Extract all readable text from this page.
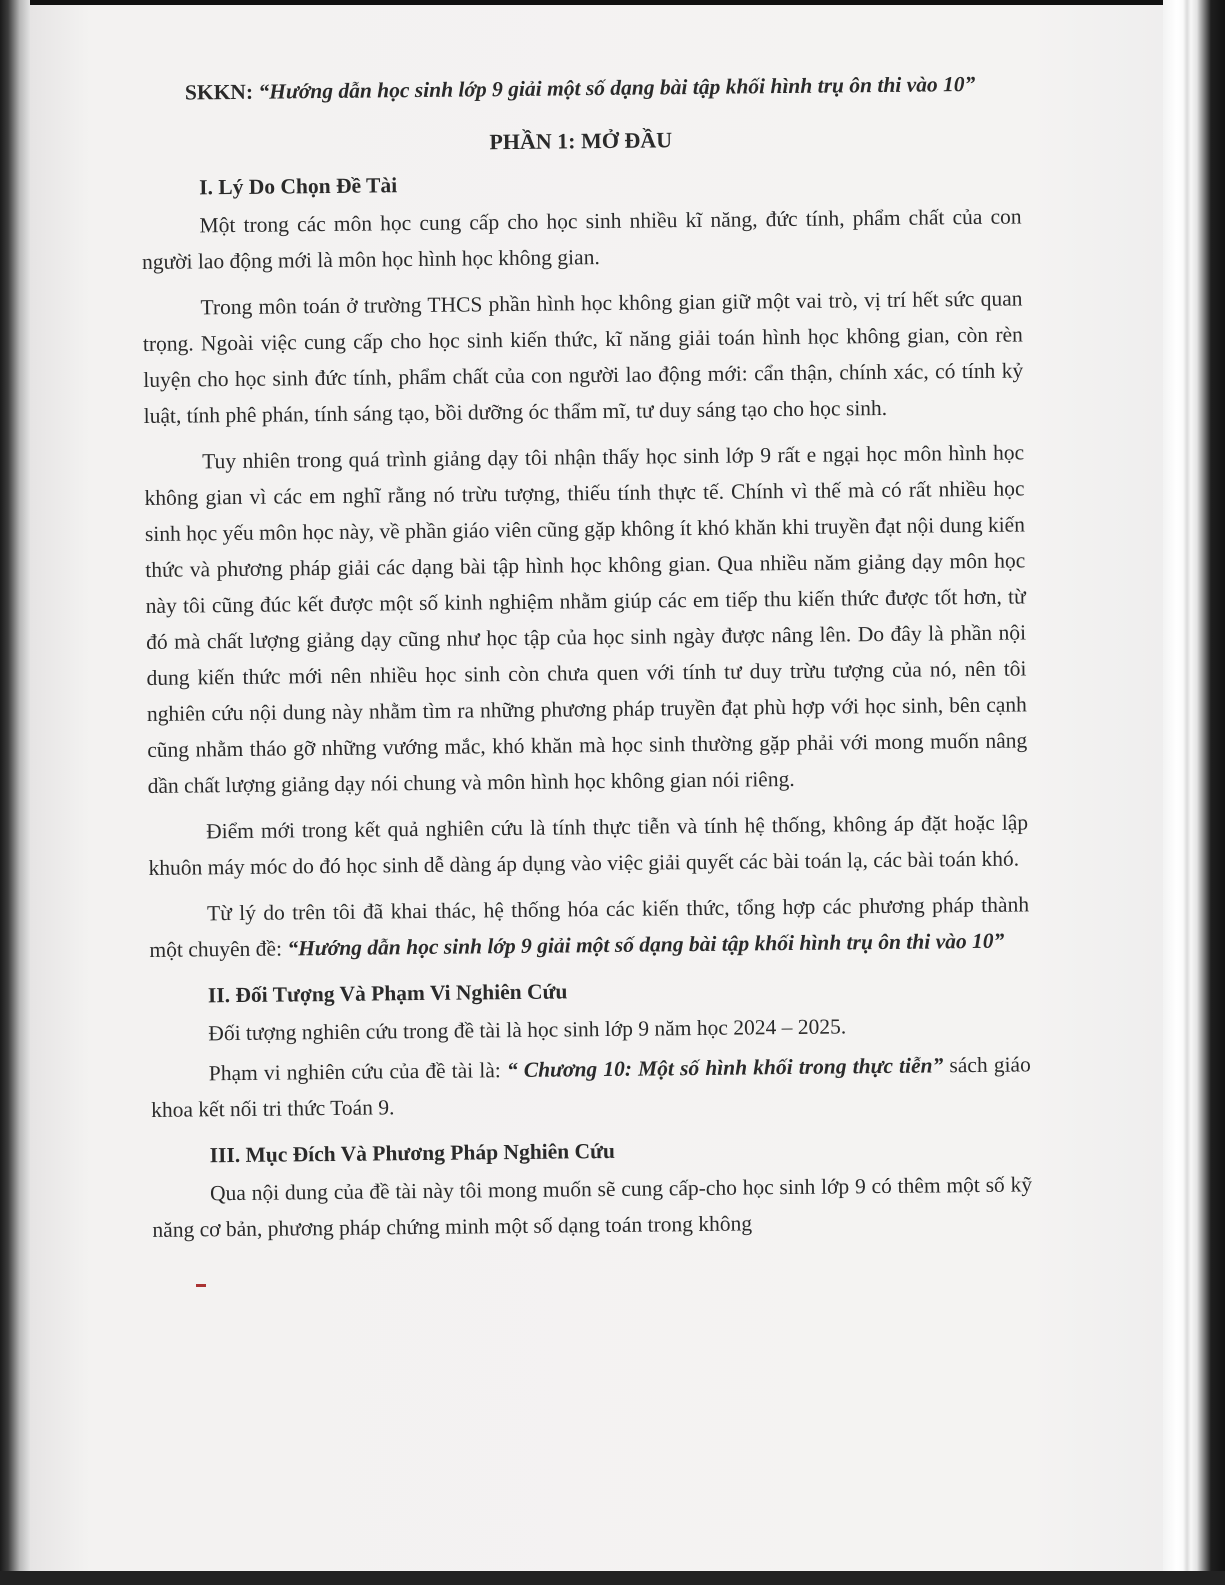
SKKN: “Hướng dẫn học sinh lớp 9 giải một số dạng bài tập khối hình trụ ôn thi vào 10”
PHẦN 1: MỞ ĐẦU
I. Lý Do Chọn Đề Tài

Một trong các môn học cung cấp cho học sinh nhiều kĩ năng, đức tính, phẩm chất của con người lao động mới là môn học hình học không gian.

Trong môn toán ở trường THCS phần hình học không gian giữ một vai trò, vị trí hết sức quan trọng. Ngoài việc cung cấp cho học sinh kiến thức, kĩ năng giải toán hình học không gian, còn rèn luyện cho học sinh đức tính, phẩm chất của con người lao động mới: cẩn thận, chính xác, có tính kỷ luật, tính phê phán, tính sáng tạo, bồi dưỡng óc thẩm mĩ, tư duy sáng tạo cho học sinh.

Tuy nhiên trong quá trình giảng dạy tôi nhận thấy học sinh lớp 9 rất e ngại học môn hình học không gian vì các em nghĩ rằng nó trừu tượng, thiếu tính thực tế. Chính vì thế mà có rất nhiều học sinh học yếu môn học này, về phần giáo viên cũng gặp không ít khó khăn khi truyền đạt nội dung kiến thức và phương pháp giải các dạng bài tập hình học không gian. Qua nhiều năm giảng dạy môn học này tôi cũng đúc kết được một số kinh nghiệm nhằm giúp các em tiếp thu kiến thức được tốt hơn, từ đó mà chất lượng giảng dạy cũng như học tập của học sinh ngày được nâng lên. Do đây là phần nội dung kiến thức mới nên nhiều học sinh còn chưa quen với tính tư duy trừu tượng của nó, nên tôi nghiên cứu nội dung này nhằm tìm ra những phương pháp truyền đạt phù hợp với học sinh, bên cạnh cũng nhằm tháo gỡ những vướng mắc, khó khăn mà học sinh thường gặp phải với mong muốn nâng dần chất lượng giảng dạy nói chung và môn hình học không gian nói riêng.

Điểm mới trong kết quả nghiên cứu là tính thực tiễn và tính hệ thống, không áp đặt hoặc lập khuôn máy móc do đó học sinh dễ dàng áp dụng vào việc giải quyết các bài toán lạ, các bài toán khó.

Từ lý do trên tôi đã khai thác, hệ thống hóa các kiến thức, tổng hợp các phương pháp thành một chuyên đề: “Hướng dẫn học sinh lớp 9 giải một số dạng bài tập khối hình trụ ôn thi vào 10”

II. Đối Tượng Và Phạm Vi Nghiên Cứu

Đối tượng nghiên cứu trong đề tài là học sinh lớp 9 năm học 2024 – 2025.

Phạm vi nghiên cứu của đề tài là: “ Chương 10: Một số hình khối trong thực tiễn” sách giáo khoa kết nối tri thức Toán 9.

III. Mục Đích Và Phương Pháp Nghiên Cứu

Qua nội dung của đề tài này tôi mong muốn sẽ cung cấp‑cho học sinh lớp 9 có thêm một số kỹ năng cơ bản, phương pháp chứng minh một số dạng toán trong không
